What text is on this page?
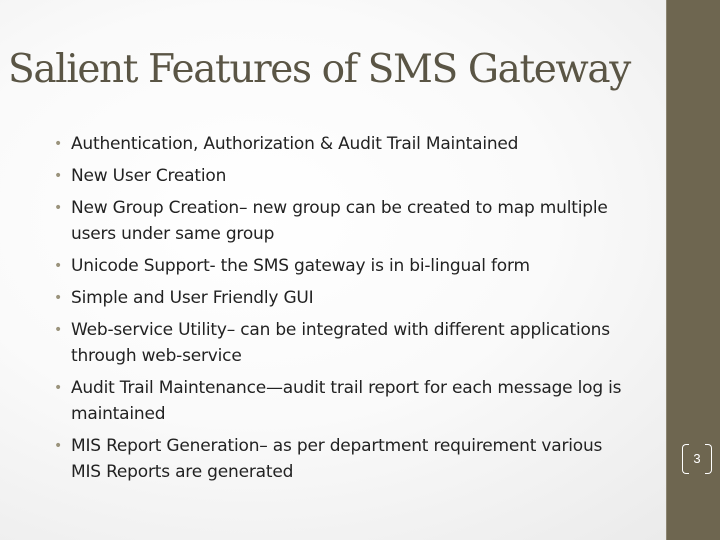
Salient Features of SMS Gateway
• Authentication, Authorization & Audit Trail Maintained
• New User Creation
• New Group Creation– new group can be created to map multiple users under same group
• Unicode Support- the SMS gateway is in bi-lingual form
• Simple and User Friendly GUI
• Web-service Utility– can be integrated with different applications through web-service
• Audit Trail Maintenance—audit trail report for each message log is maintained
• MIS Report Generation– as per department requirement various MIS Reports are generated
3
